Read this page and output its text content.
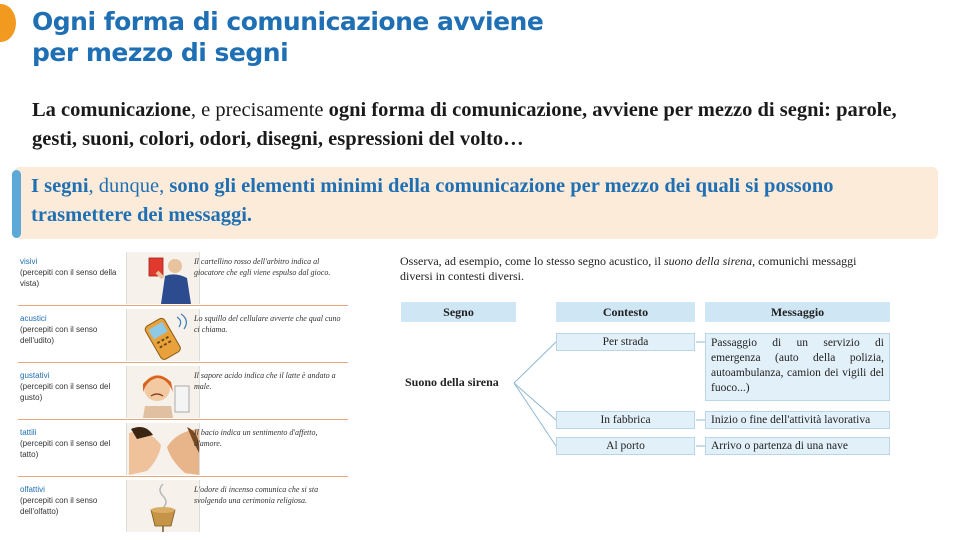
Ogni forma di comunicazione avviene
per mezzo di segni

La comunicazione, e precisamente ogni forma di comunicazione, avviene per mezzo di segni: parole, gesti, suoni, colori, odori, disegni, espressioni del volto…

I segni, dunque, sono gli elementi minimi della comunicazione per mezzo dei quali si possono trasmettere dei messaggi.

visivi
(percepiti con il senso della vista)
Il cartellino rosso dell'arbitro indica al giocatore che egli viene espulso dal gioco.
acustici
(percepiti con il senso dell'udito)
Lo squillo del cellulare avverte che qual cuno ci chiama.
gustativi
(percepiti con il senso del gusto)
Il sapore acido indica che il latte è andato a male.
tattili
(percepiti con il senso del tatto)
Il bacio indica un sentimento d'affetto, d'amore.
olfattivi
(percepiti con il senso dell'olfatto)
L'odore di incenso comunica che si sta svolgendo una cerimonia religiosa.

Osserva, ad esempio, come lo stesso segno acustico, il suono della sirena, comunichi messaggi diversi in contesti diversi.

Segno	Contesto	Messaggio
Suono della sirena
Per strada
In fabbrica
Al porto
Passaggio di un servizio di emergenza (auto della polizia, autoambulanza, camion dei vigili del fuoco...)
Inizio o fine dell'attività lavorativa
Arrivo o partenza di una nave
